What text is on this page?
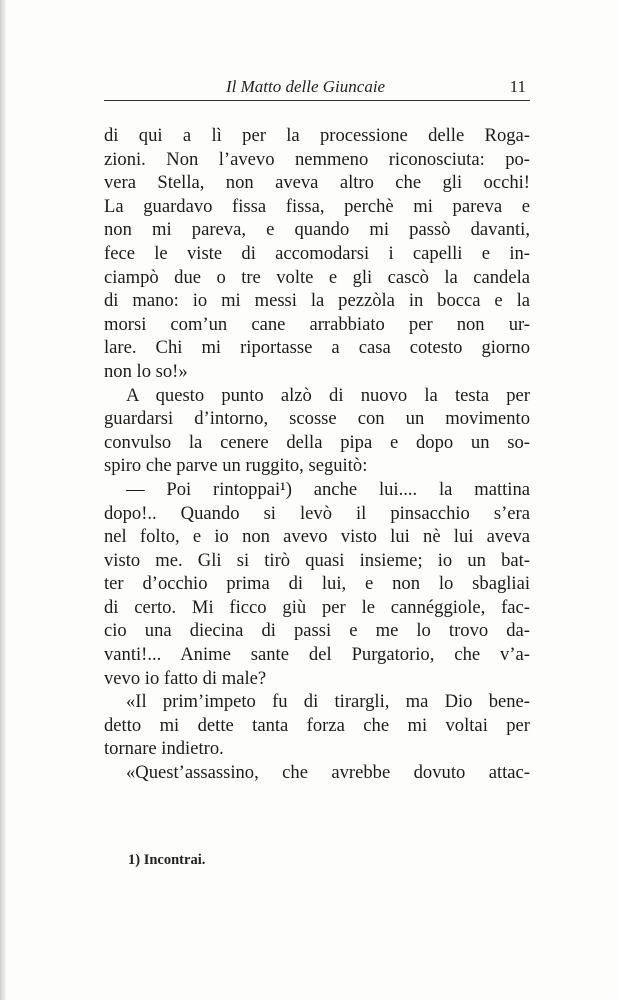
Il Matto delle Giuncaie	11
di qui a lì per la processione delle Roga-
zioni. Non l’avevo nemmeno riconosciuta: po-
vera Stella, non aveva altro che gli occhi!
La guardavo fissa fissa, perchè mi pareva e
non mi pareva, e quando mi passò davanti,
fece le viste di accomodarsi i capelli e in-
ciampò due o tre volte e gli cascò la candela
di mano: io mi messi la pezzòla in bocca e la
morsi com’un cane arrabbiato per non ur-
lare. Chi mi riportasse a casa cotesto giorno
non lo so!»
A questo punto alzò di nuovo la testa per
guardarsi d’intorno, scosse con un movimento
convulso la cenere della pipa e dopo un so-
spiro che parve un ruggito, seguitò:
— Poi rintoppai¹) anche lui.... la mattina
dopo!.. Quando si levò il pinsacchio s’era
nel folto, e io non avevo visto lui nè lui aveva
visto me. Gli si tirò quasi insieme; io un bat-
ter d’occhio prima di lui, e non lo sbagliai
di certo. Mi ficco giù per le cannéggiole, fac-
cio una diecina di passi e me lo trovo da-
vanti!... Anime sante del Purgatorio, che v’a-
vevo io fatto di male?
«Il prim’impeto fu di tirargli, ma Dio bene-
detto mi dette tanta forza che mi voltai per
tornare indietro.
«Quest’assassino, che avrebbe dovuto attac-
1) Incontrai.
